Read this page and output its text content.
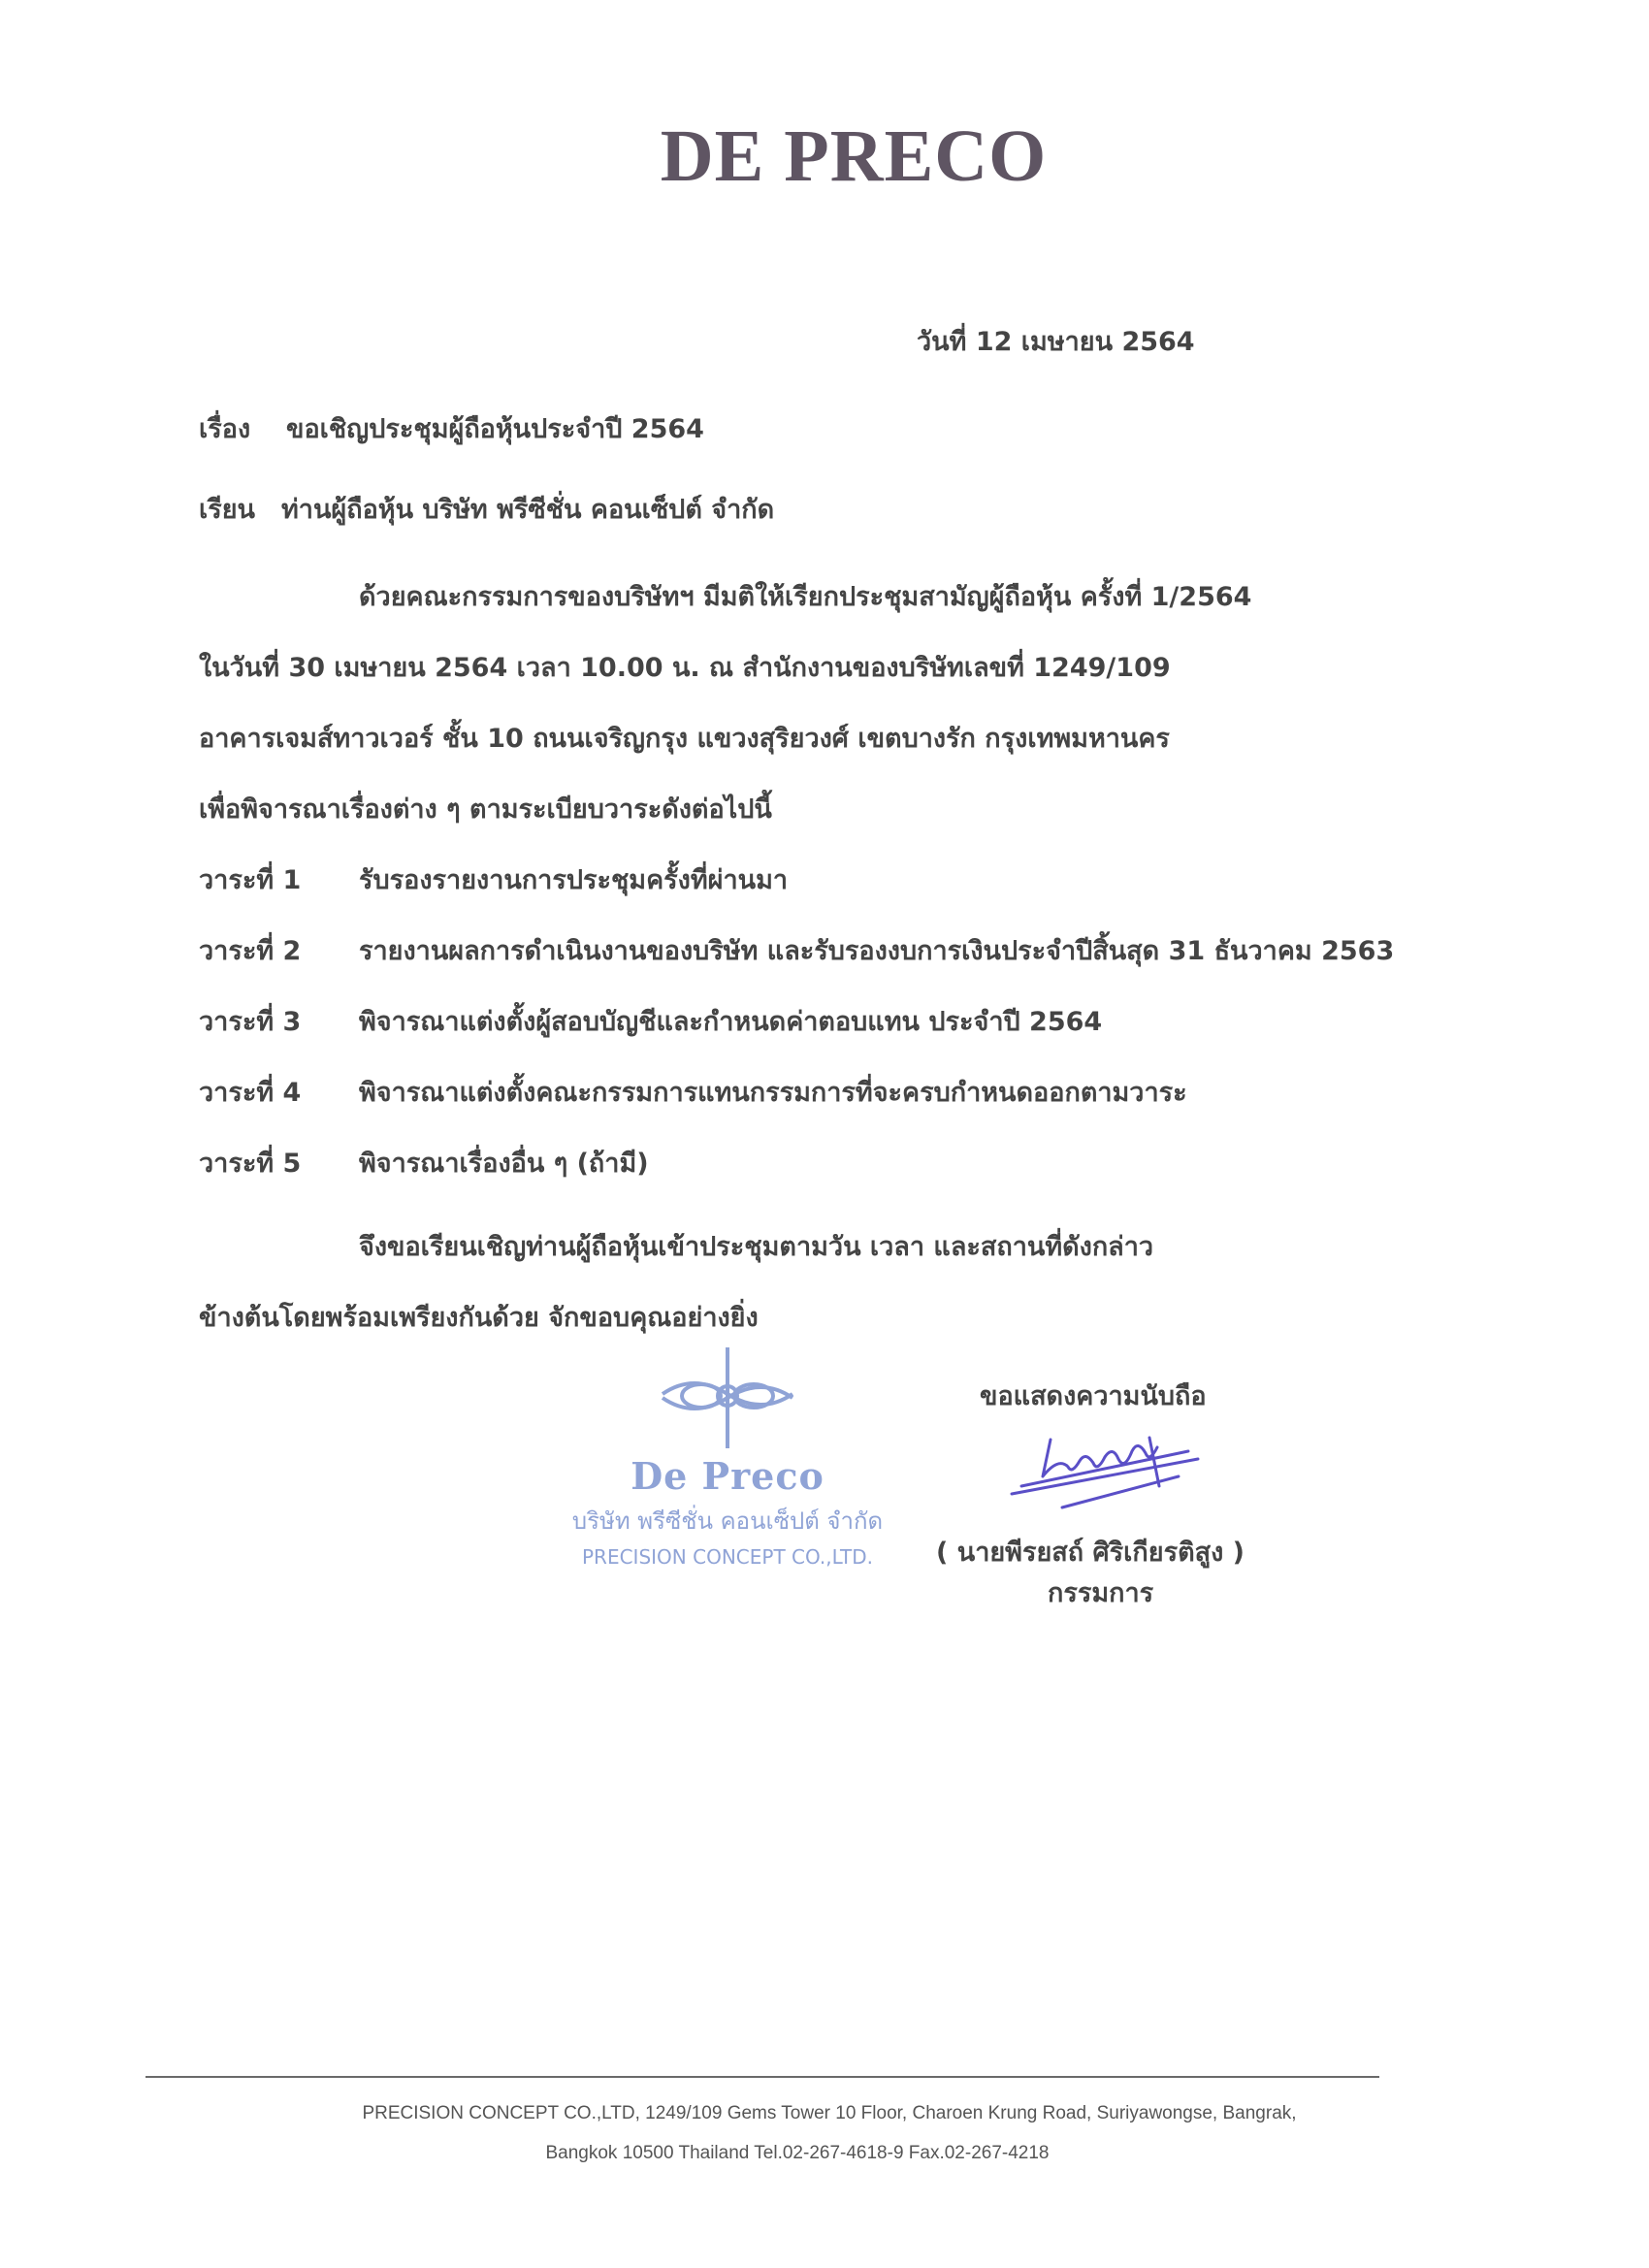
DE PRECO
วันที่ 12 เมษายน 2564
เรื่อง ขอเชิญประชุมผู้ถือหุ้นประจำปี 2564
เรียน ท่านผู้ถือหุ้น บริษัท พรีซีชั่น คอนเซ็ปต์ จำกัด
ด้วยคณะกรรมการของบริษัทฯ มีมติให้เรียกประชุมสามัญผู้ถือหุ้น ครั้งที่ 1/2564
ในวันที่ 30 เมษายน 2564 เวลา 10.00 น. ณ สำนักงานของบริษัทเลขที่ 1249/109
อาคารเจมส์ทาวเวอร์ ชั้น 10 ถนนเจริญกรุง แขวงสุริยวงศ์ เขตบางรัก กรุงเทพมหานคร
เพื่อพิจารณาเรื่องต่าง ๆ ตามระเบียบวาระดังต่อไปนี้
วาระที่ 1 รับรองรายงานการประชุมครั้งที่ผ่านมา
วาระที่ 2 รายงานผลการดำเนินงานของบริษัท และรับรองงบการเงินประจำปีสิ้นสุด 31 ธันวาคม 2563
วาระที่ 3 พิจารณาแต่งตั้งผู้สอบบัญชีและกำหนดค่าตอบแทน ประจำปี 2564
วาระที่ 4 พิจารณาแต่งตั้งคณะกรรมการแทนกรรมการที่จะครบกำหนดออกตามวาระ
วาระที่ 5 พิจารณาเรื่องอื่น ๆ (ถ้ามี)
จึงขอเรียนเชิญท่านผู้ถือหุ้นเข้าประชุมตามวัน เวลา และสถานที่ดังกล่าว
ข้างต้นโดยพร้อมเพรียงกันด้วย จักขอบคุณอย่างยิ่ง
De Preco
บริษัท พรีซีชั่น คอนเซ็ปต์ จำกัด
PRECISION CONCEPT CO.,LTD.
ขอแสดงความนับถือ
( นายพีรยสถ์ ศิริเกียรติสูง )
กรรมการ
PRECISION CONCEPT CO.,LTD, 1249/109 Gems Tower 10 Floor, Charoen Krung Road, Suriyawongse, Bangrak,
Bangkok 10500 Thailand Tel.02-267-4618-9 Fax.02-267-4218
